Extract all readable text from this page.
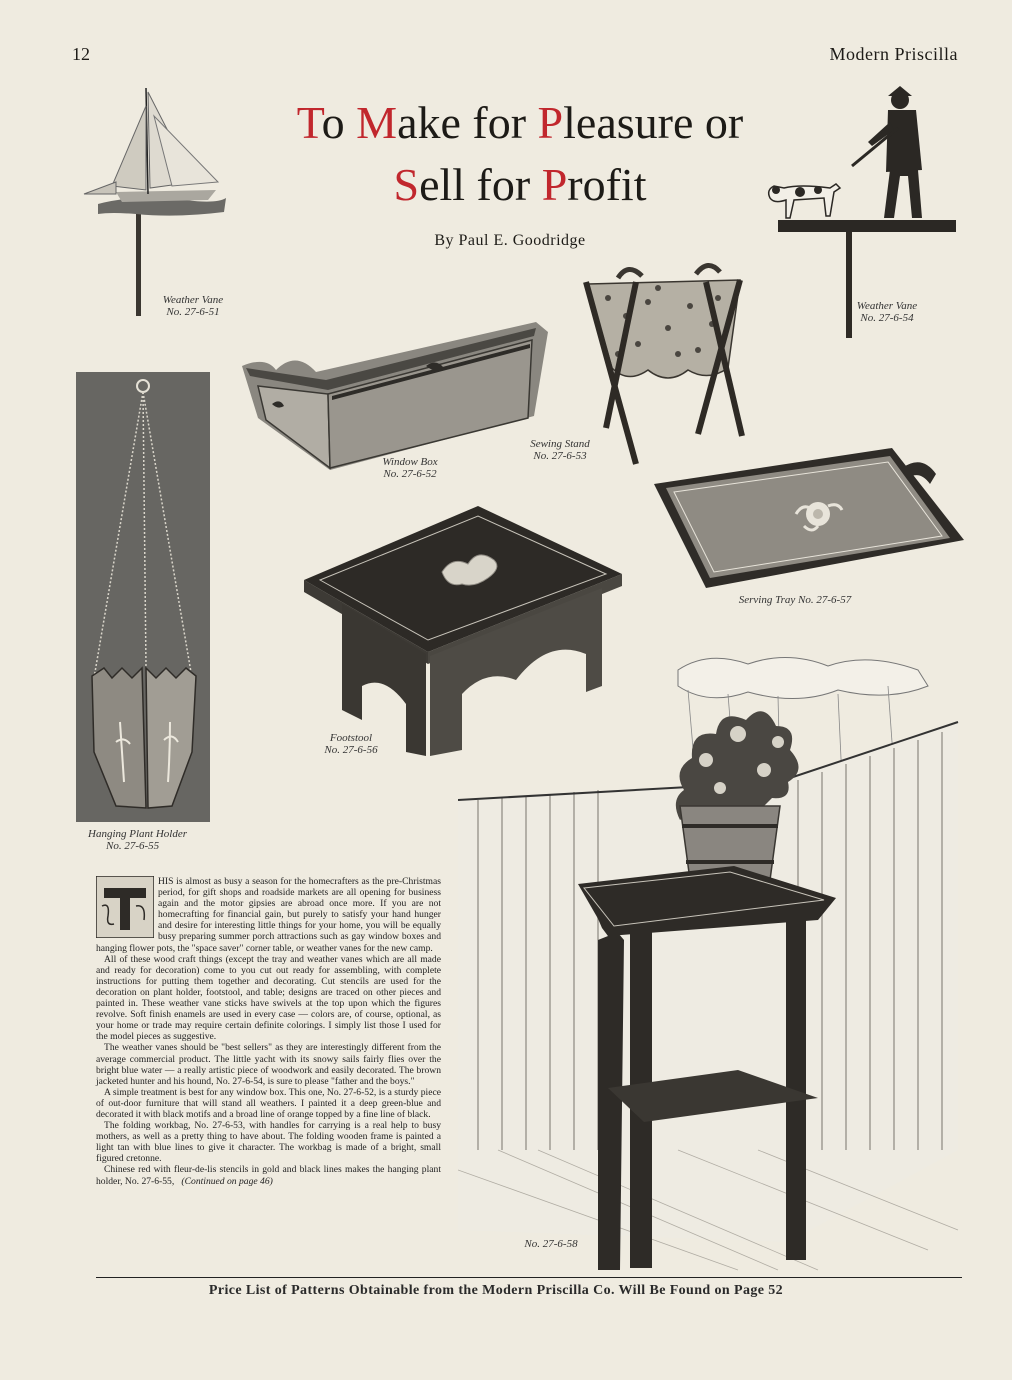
12	Modern Priscilla
To Make for Pleasure or
Sell for Profit
By Paul E. Goodridge
Weather Vane
No. 27-6-51	Weather Vane
No. 27-6-54
Window Box
No. 27-6-52
Sewing Stand
No. 27-6-53
Serving Tray No. 27-6-57
Hanging Plant Holder
No. 27-6-55
Footstool
No. 27-6-56
No. 27-6-58

HIS is almost as busy a season for the homecrafters as the pre-Christmas period, for gift shops and roadside markets are all opening for business again and the motor gipsies are abroad once more. If you are not homecrafting for financial gain, but purely to satisfy your hand hunger and desire for interesting little things for your home, you will be equally busy preparing summer porch attractions such as gay window boxes and hanging flower pots, the "space saver" corner table, or weather vanes for the new camp.

All of these wood craft things (except the tray and weather vanes which are all made and ready for decoration) come to you cut out ready for assembling, with complete instructions for putting them together and decorating. Cut stencils are used for the decoration on plant holder, footstool, and table; designs are traced on other pieces and painted in. These weather vane sticks have swivels at the top upon which the figures revolve. Soft finish enamels are used in every case — colors are, of course, optional, as your home or trade may require certain definite colorings. I simply list those I used for the model pieces as suggestive.

The weather vanes should be "best sellers" as they are interestingly different from the average commercial product. The little yacht with its snowy sails fairly flies over the bright blue water — a really artistic piece of woodwork and easily decorated. The brown jacketed hunter and his hound, No. 27-6-54, is sure to please "father and the boys."

A simple treatment is best for any window box. This one, No. 27-6-52, is a sturdy piece of out-door furniture that will stand all weathers. I painted it a deep green-blue and decorated it with black motifs and a broad line of orange topped by a fine line of black.

The folding workbag, No. 27-6-53, with handles for carrying is a real help to busy mothers, as well as a pretty thing to have about. The folding wooden frame is painted a light tan with blue lines to give it character. The workbag is made of a bright, small figured cretonne.

Chinese red with fleur-de-lis stencils in gold and black lines makes the hanging plant holder, No. 27-6-55, (Continued on page 46)

Price List of Patterns Obtainable from the Modern Priscilla Co. Will Be Found on Page 52
